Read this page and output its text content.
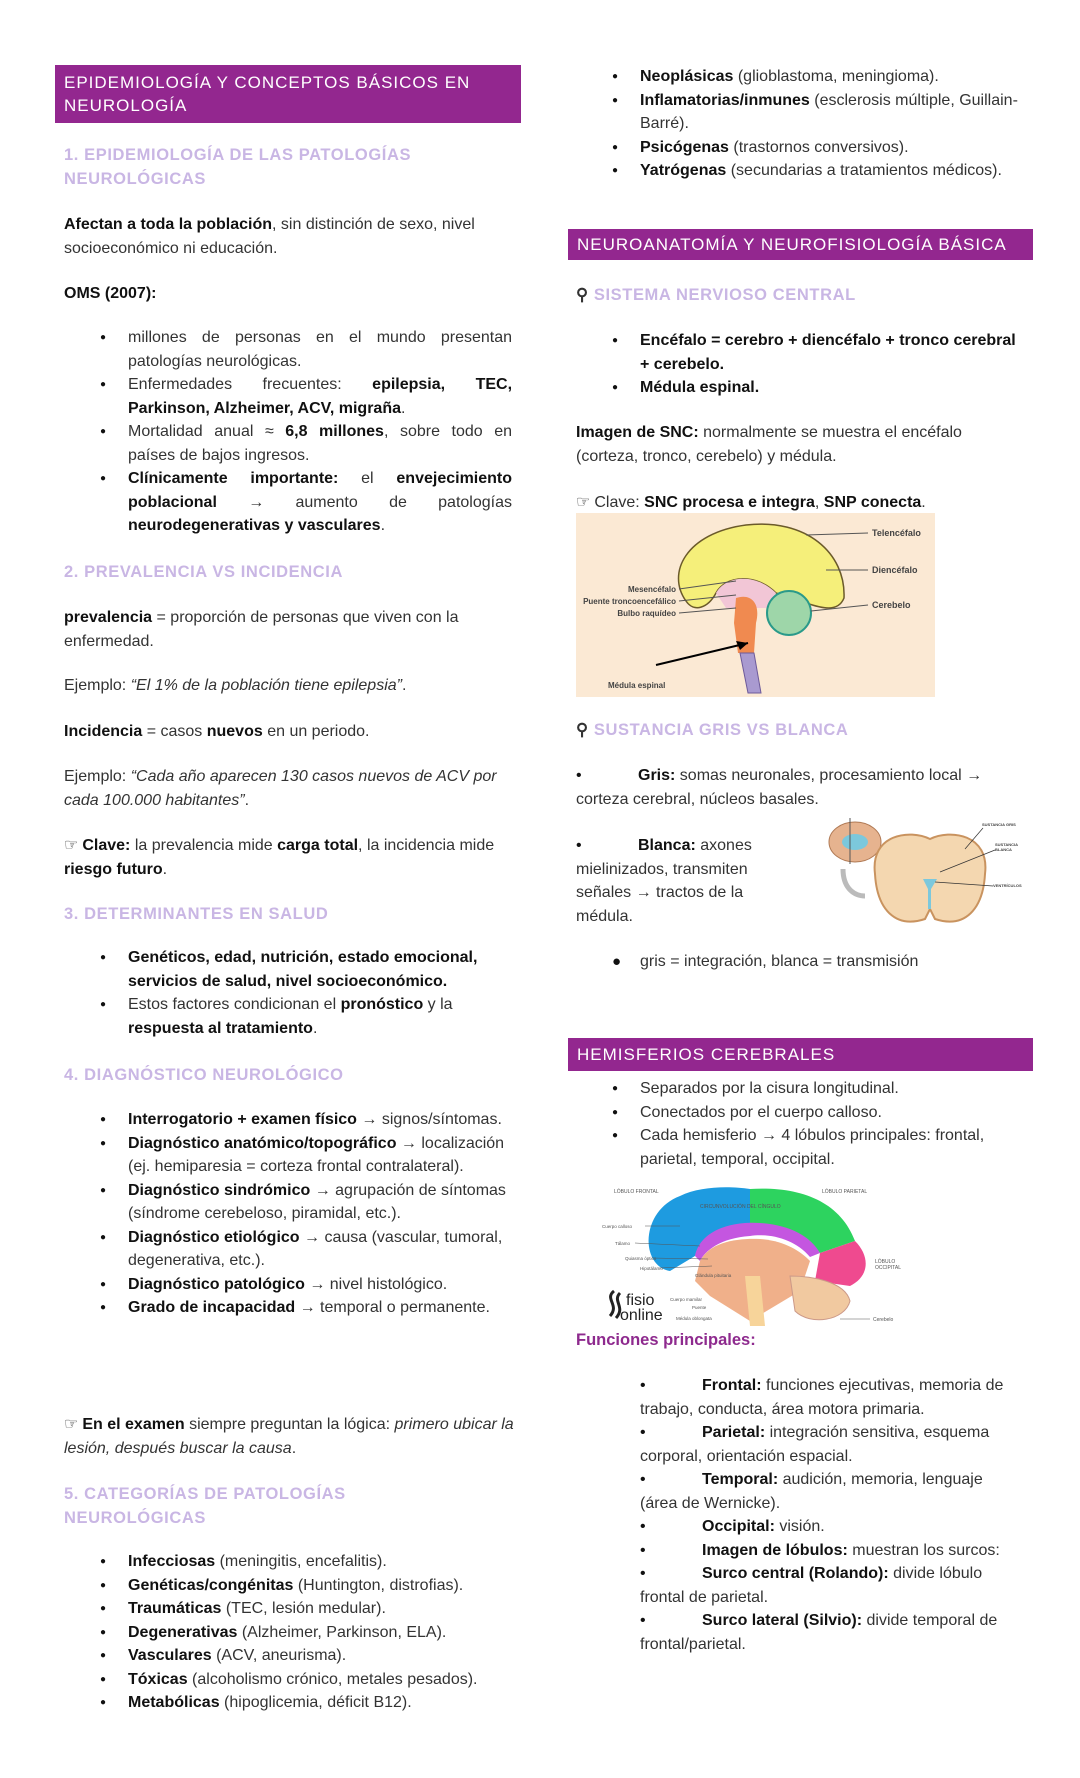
EPIDEMIOLOGÍA Y CONCEPTOS BÁSICOS EN NEUROLOGÍA
1. EPIDEMIOLOGÍA DE LAS PATOLOGÍAS NEUROLÓGICAS
Afectan a toda la población, sin distinción de sexo, nivel socioeconómico ni educación.
OMS (2007):
● millones de personas en el mundo presentan patologías neurológicas.
● Enfermedades frecuentes: epilepsia, TEC, Parkinson, Alzheimer, ACV, migraña.
● Mortalidad anual ≈ 6,8 millones, sobre todo en países de bajos ingresos.
● Clínicamente importante: el envejecimiento poblacional → aumento de patologías neurodegenerativas y vasculares.
2. PREVALENCIA VS INCIDENCIA
prevalencia = proporción de personas que viven con la enfermedad.
Ejemplo: “El 1% de la población tiene epilepsia”.
Incidencia = casos nuevos en un periodo.
Ejemplo: “Cada año aparecen 130 casos nuevos de ACV por cada 100.000 habitantes”.
☞ Clave: la prevalencia mide carga total, la incidencia mide riesgo futuro.
3. DETERMINANTES EN SALUD
● Genéticos, edad, nutrición, estado emocional, servicios de salud, nivel socioeconómico.
● Estos factores condicionan el pronóstico y la respuesta al tratamiento.
4. DIAGNÓSTICO NEUROLÓGICO
● Interrogatorio + examen físico → signos/síntomas.
● Diagnóstico anatómico/topográfico → localización (ej. hemiparesia = corteza frontal contralateral).
● Diagnóstico sindrómico → agrupación de síntomas (síndrome cerebeloso, piramidal, etc.).
● Diagnóstico etiológico → causa (vascular, tumoral, degenerativa, etc.).
● Diagnóstico patológico → nivel histológico.
● Grado de incapacidad → temporal o permanente.
☞ En el examen siempre preguntan la lógica: primero ubicar la lesión, después buscar la causa.
5. CATEGORÍAS DE PATOLOGÍAS NEUROLÓGICAS
● Infecciosas (meningitis, encefalitis).
● Genéticas/congénitas (Huntington, distrofias).
● Traumáticas (TEC, lesión medular).
● Degenerativas (Alzheimer, Parkinson, ELA).
● Vasculares (ACV, aneurisma).
● Tóxicas (alcoholismo crónico, metales pesados).
● Metabólicas (hipoglicemia, déficit B12).
● Neoplásicas (glioblastoma, meningioma).
● Inflamatorias/inmunes (esclerosis múltiple, Guillain-Barré).
● Psicógenas (trastornos conversivos).
● Yatrógenas (secundarias a tratamientos médicos).
NEUROANATOMÍA Y NEUROFISIOLOGÍA BÁSICA
⚲ SISTEMA NERVIOSO CENTRAL
● Encéfalo = cerebro + diencéfalo + tronco cerebral + cerebelo.
● Médula espinal.
Imagen de SNC: normalmente se muestra el encéfalo (corteza, tronco, cerebelo) y médula.
☞ Clave: SNC procesa e integra, SNP conecta.
Telencéfalo
Diencéfalo
Cerebelo
Mesencéfalo
Puente troncoencefálico
Bulbo raquídeo
Médula espinal
⚲ SUSTANCIA GRIS VS BLANCA
•	Gris: somas neuronales, procesamiento local → corteza cerebral, núcleos basales.
•	Blanca: axones mielinizados, transmiten señales → tractos de la médula.
SUSTANCIA GRIS
SUSTANCIA
BLANCA
VENTRÍCULOS
● gris = integración, blanca = transmisión
HEMISFERIOS CEREBRALES
● Separados por la cisura longitudinal.
● Conectados por el cuerpo calloso.
● Cada hemisferio → 4 lóbulos principales: frontal, parietal, temporal, occipital.
LÓBULO FRONTAL
CIRCUNVOLUCIÓN DEL CÍNGULO
LÓBULO PARIETAL
Cuerpo calloso
Tálamo
Quiasma óptico
Hipotálamo
Glándula pituitaria
Cuerpo mamilar
Puente
Médula oblongata
LÓBULO
OCCIPITAL
Cerebelo
fisio
online
Funciones principales:
•	Frontal: funciones ejecutivas, memoria de trabajo, conducta, área motora primaria.
•	Parietal: integración sensitiva, esquema corporal, orientación espacial.
•	Temporal: audición, memoria, lenguaje (área de Wernicke).
•	Occipital: visión.
•	Imagen de lóbulos: muestran los surcos:
•	Surco central (Rolando): divide lóbulo frontal de parietal.
•	Surco lateral (Silvio): divide temporal de frontal/parietal.
